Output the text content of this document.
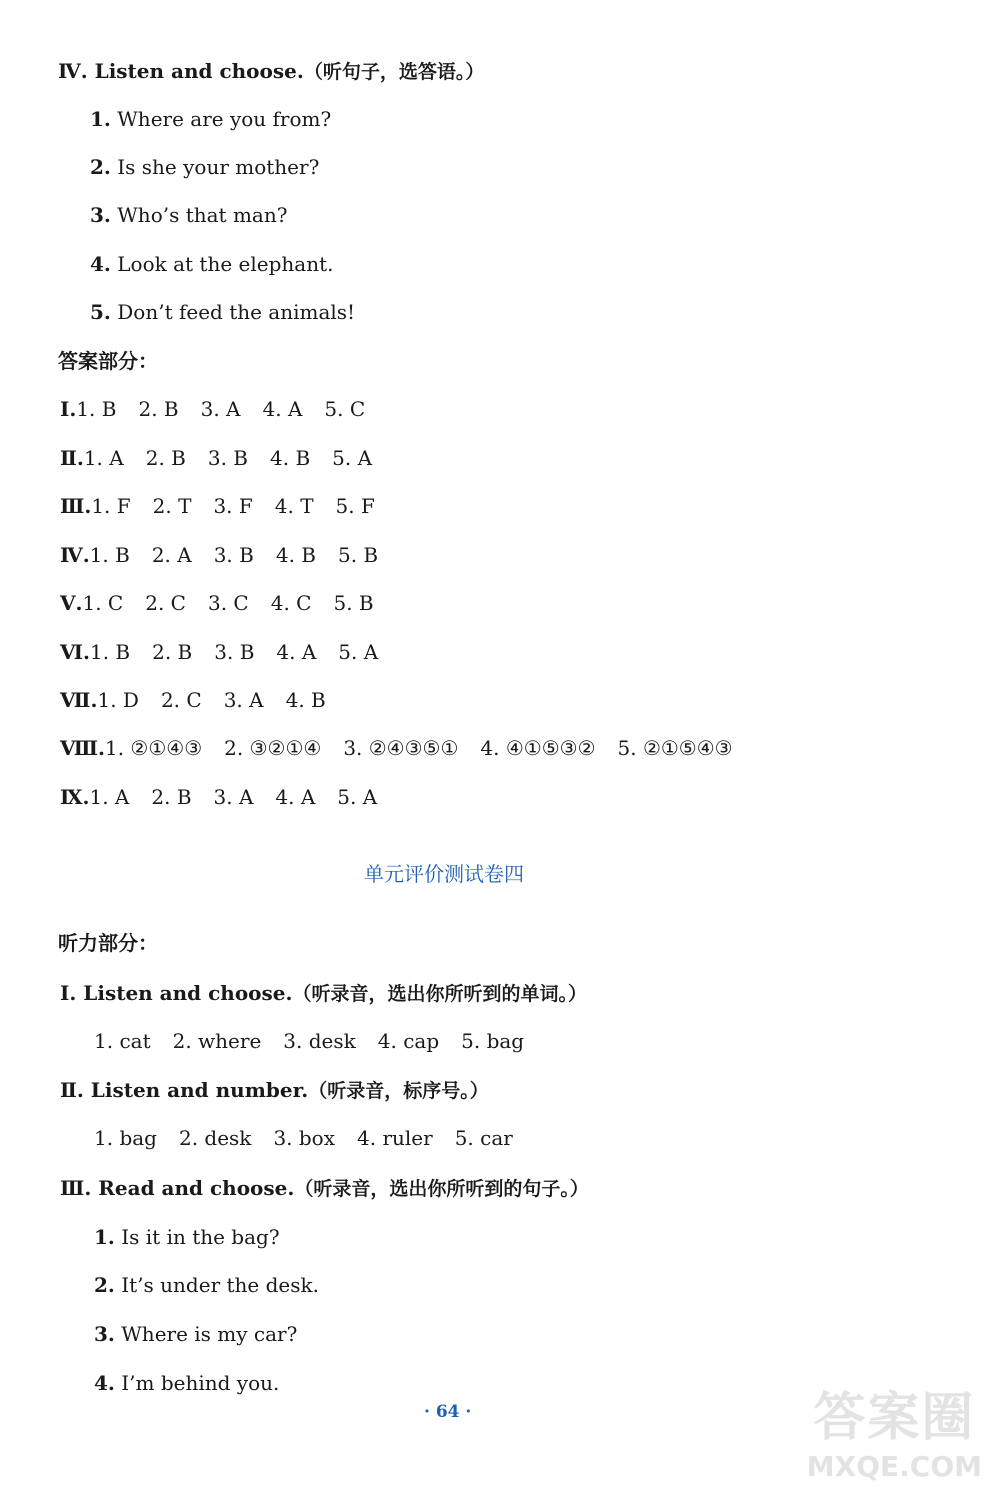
Ⅳ. Listen and choose.（听句子，选答语。）
1. Where are you from?
2. Is she your mother?
3. Who’s that man?
4. Look at the elephant.
5. Don’t feed the animals!
答案部分：
Ⅰ.1. B 2. B 3. A 4. A 5. C
Ⅱ.1. A 2. B 3. B 4. B 5. A
Ⅲ.1. F 2. T 3. F 4. T 5. F
Ⅳ.1. B 2. A 3. B 4. B 5. B
Ⅴ.1. C 2. C 3. C 4. C 5. B
Ⅵ.1. B 2. B 3. B 4. A 5. A
Ⅶ.1. D 2. C 3. A 4. B
Ⅷ.1. ②①④③ 2. ③②①④ 3. ②④③⑤① 4. ④①⑤③② 5. ②①⑤④③
Ⅸ.1. A 2. B 3. A 4. A 5. A
单元评价测试卷四
听力部分：
Ⅰ. Listen and choose.（听录音，选出你所听到的单词。）
1. cat 2. where 3. desk 4. cap 5. bag
Ⅱ. Listen and number.（听录音，标序号。）
1. bag 2. desk 3. box 4. ruler 5. car
Ⅲ. Read and choose.（听录音，选出你所听到的句子。）
1. Is it in the bag?
2. It’s under the desk.
3. Where is my car?
4. I’m behind you.
· 64 ·	答案圈
MXQE.COM
